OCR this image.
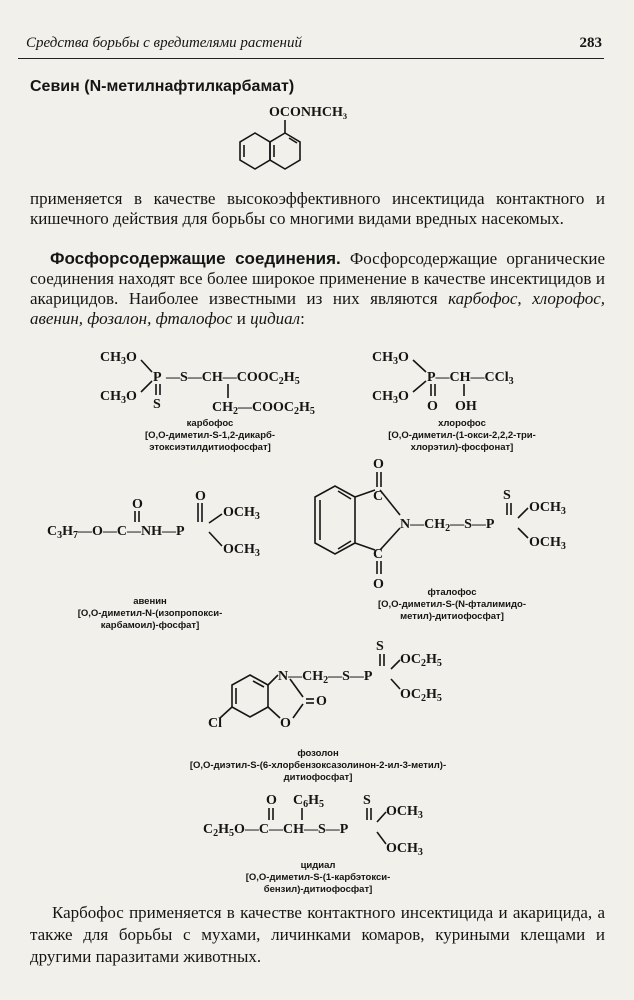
Средства борьбы с вредителями растений	283
Севин (N-метилнафтилкарбамат)
применяется в качестве высокоэффективного инсектицида контактного и кишечного действия для борьбы со многими видами вредных насекомых.
Фосфорсодержащие соединения. Фосфорсодержащие органические соединения находят все более широкое применение в качестве инсектицидов и акарицидов. Наиболее известными из них являются карбофос, хлорофос, авенин, фозалон, фталофос и цидиал:
Карбофос применяется в качестве контактного инсектицида и акарицида, а также для борьбы с мухами, личинками комаров, куриными клещами и другими паразитами животных.
OCONHCH₃
$CH_3O$
$CH_3O$
P
S
$—S—CH—COOC_2H_5$
$CH_2—COOC_2H_5$
карбофос
[O,O-диметил-S-1,2-дикарб-
этоксиэтилдитиофосфат]
$CH_3O$
$CH_3O$
P—CH—CCl$_3$
O OH
хлорофос
[O,O-диметил-(1-окси-2,2,2-три-
хлорэтил)-фосфонат]
O
O
$C_3H_7—O—C—NH—P$
$OCH_3$
$OCH_3$
авенин
[O,O-диметил-N-(изопропокси-
карбамоил)-фосфат]
C
C
O
O
$N—CH_2—S—P$
S
$OCH_3$
$OCH_3$
фталофос
[O,O-диметил-S-(N-фталимидо-
метил)-дитиофосфат]
Cl	O
O
$N—CH_2—S—P$
S
$OC_2H_5$
$OC_2H_5$
фозолон
[O,O-диэтил-S-(6-хлорбензоксазолинон-2-ил-3-метил)-
дитиофосфат]
O $C_6H_5$	S
$C_2H_5O—C—CH—S—P$
$OCH_3$
$OCH_3$
цидиал
[O,O-диметил-S-(1-карбэтокси-
бензил)-дитиофосфат]
